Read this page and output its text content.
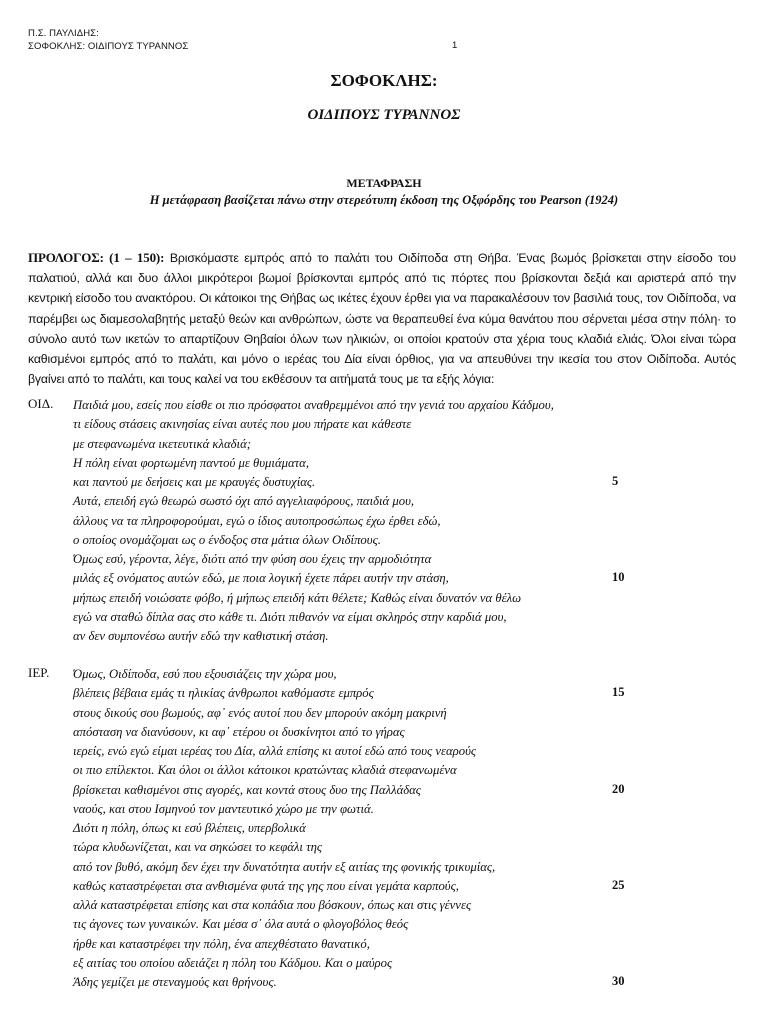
Π.Σ. ΠΑΥΛΙΔΗΣ:
ΣΟΦΟΚΛΗΣ: ΟΙΔΙΠΟΥΣ ΤΥΡΑΝΝΟΣ	1
ΣΟΦΟΚΛΗΣ:
ΟΙΔΙΠΟΥΣ ΤΥΡΑΝΝΟΣ
ΜΕΤΑΦΡΑΣΗ
Η μετάφραση βασίζεται πάνω στην στερεότυπη έκδοση της Οξφόρδης του Pearson (1924)
ΠΡΟΛΟΓΟΣ: (1 – 150): Βρισκόμαστε εμπρός από το παλάτι του Οιδίποδα στη Θήβα. Ένας βωμός βρίσκεται στην είσοδο του παλατιού, αλλά και δυο άλλοι μικρότεροι βωμοί βρίσκονται εμπρός από τις πόρτες που βρίσκονται δεξιά και αριστερά από την κεντρική είσοδο του ανακτόρου. Οι κάτοικοι της Θήβας ως ικέτες έχουν έρθει για να παρακαλέσουν τον βασιλιά τους, τον Οιδίποδα, να παρέμβει ως διαμεσολαβητής μεταξύ θεών και ανθρώπων, ώστε να θεραπευθεί ένα κύμα θανάτου που σέρνεται μέσα στην πόλη· το σύνολο αυτό των ικετών το απαρτίζουν Θηβαίοι όλων των ηλικιών, οι οποίοι κρατούν στα χέρια τους κλαδιά ελιάς. Όλοι είναι τώρα καθισμένοι εμπρός από το παλάτι, και μόνο ο ιερέας του Δία είναι όρθιος, για να απευθύνει την ικεσία του στον Οιδίποδα. Αυτός βγαίνει από το παλάτι, και τους καλεί να του εκθέσουν τα αιτήματά τους με τα εξής λόγια:
ΟΙΔ. Παιδιά μου, εσείς που είσθε οι πιο πρόσφατοι αναθρεμμένοι από την γενιά του αρχαίου Κάδμου,
τι είδους στάσεις ακινησίας είναι αυτές που μου πήρατε και κάθεστε
με στεφανωμένα ικετευτικά κλαδιά;
Η πόλη είναι φορτωμένη παντού με θυμιάματα,
και παντού με δεήσεις και με κραυγές δυστυχίας.
Αυτά, επειδή εγώ θεωρώ σωστό όχι από αγγελιαφόρους, παιδιά μου,
άλλους να τα πληροφορούμαι, εγώ ο ίδιος αυτοπροσώπως έχω έρθει εδώ,
ο οποίος ονομάζομαι ως ο ένδοξος στα μάτια όλων Οιδίπους.
Όμως εσύ, γέροντα, λέγε, διότι από την φύση σου έχεις την αρμοδιότητα
μιλάς εξ ονόματος αυτών εδώ, με ποια λογική έχετε πάρει αυτήν την στάση,
μήπως επειδή νοιώσατε φόβο, ή μήπως επειδή κάτι θέλετε; Καθώς είναι δυνατόν να θέλω
εγώ να σταθώ δίπλα σας στο κάθε τι. Διότι πιθανόν να είμαι σκληρός στην καρδιά μου,
αν δεν συμπονέσω αυτήν εδώ την καθιστική στάση.
ΙΕΡ. Όμως, Οιδίποδα, εσύ που εξουσιάζεις την χώρα μου,
βλέπεις βέβαια εμάς τι ηλικίας άνθρωποι καθόμαστε εμπρός
στους δικούς σου βωμούς, αφ᾽ ενός αυτοί που δεν μπορούν ακόμη μακρινή
απόσταση να διανύσουν, κι αφ᾽ ετέρου οι δυσκίνητοι από το γήρας
ιερείς, ενώ εγώ είμαι ιερέας του Δία, αλλά επίσης κι αυτοί εδώ από τους νεαρούς
οι πιο επίλεκτοι. Και όλοι οι άλλοι κάτοικοι κρατώντας κλαδιά στεφανωμένα
βρίσκεται καθισμένοι στις αγορές, και κοντά στους δυο της Παλλάδας
ναούς, και στου Ισμηνού τον μαντευτικό χώρο με την φωτιά.
Διότι η πόλη, όπως κι εσύ βλέπεις, υπερβολικά
τώρα κλυδωνίζεται, και να σηκώσει το κεφάλι της
από τον βυθό, ακόμη δεν έχει την δυνατότητα αυτήν εξ αιτίας της φονικής τρικυμίας,
καθώς καταστρέφεται στα ανθισμένα φυτά της γης που είναι γεμάτα καρπούς,
αλλά καταστρέφεται επίσης και στα κοπάδια που βόσκουν, όπως και στις γέννες
τις άγονες των γυναικών. Και μέσα σ᾽ όλα αυτά ο φλογοβόλος θεός
ήρθε και καταστρέφει την πόλη, ένα απεχθέστατο θανατικό,
εξ αιτίας του οποίου αδειάζει η πόλη του Κάδμου. Και ο μαύρος
Άδης γεμίζει με στεναγμούς και θρήνους.
5
10
15
20
25
30
